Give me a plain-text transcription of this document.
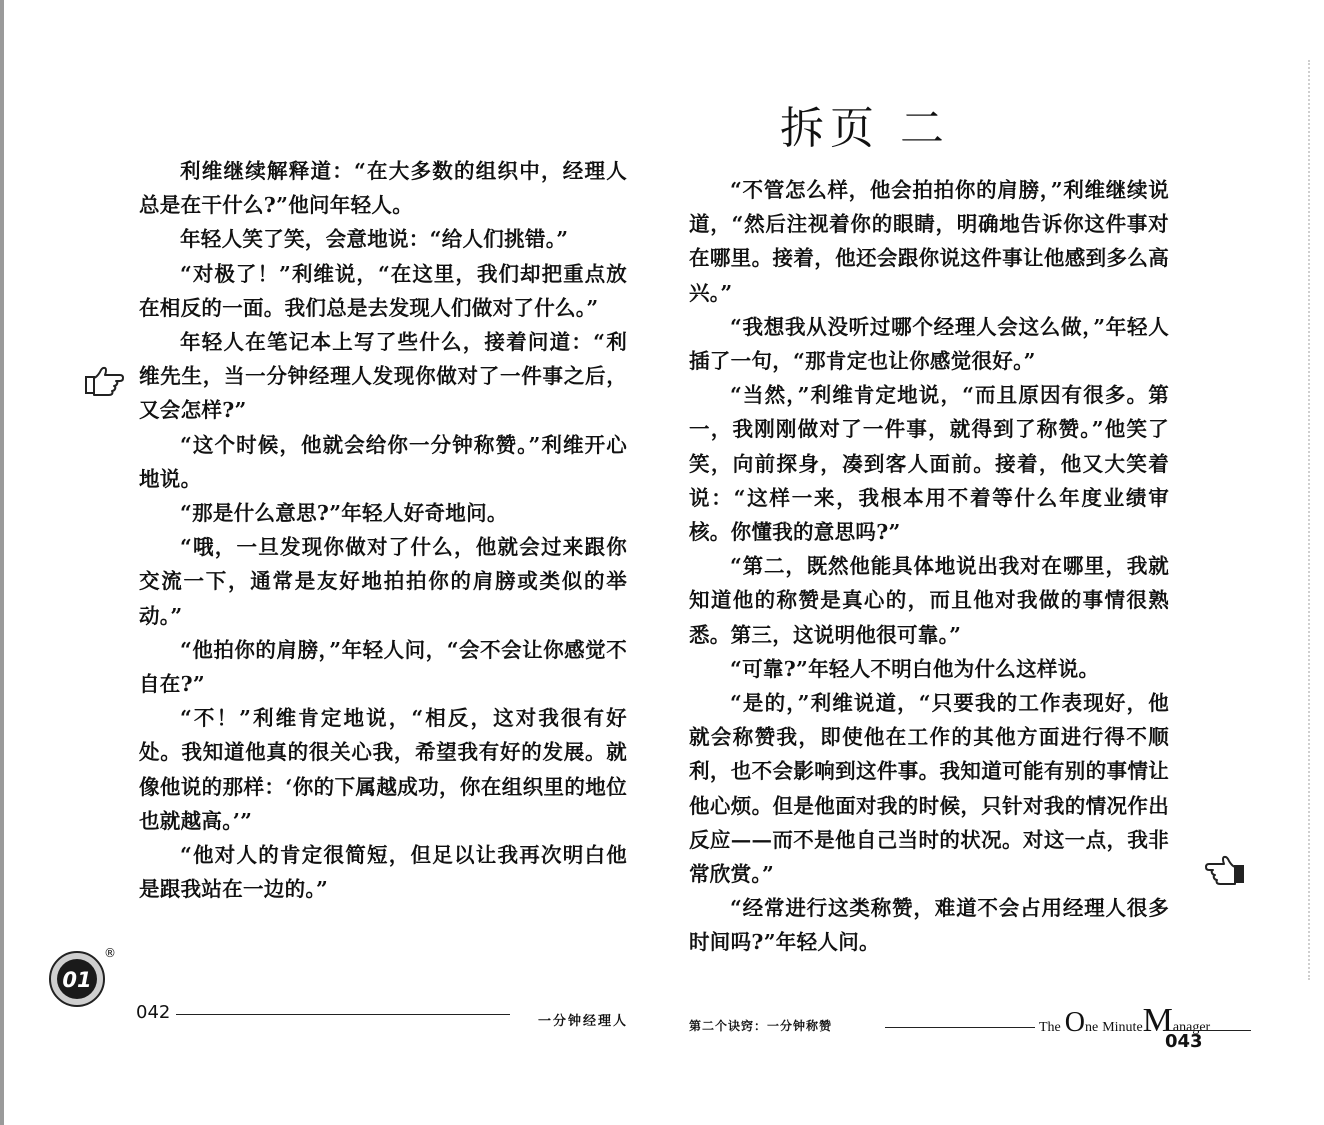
拆页 二

利维继续解释道：“在大多数的组织中，经理人总是在干什么?”他问年轻人。

年轻人笑了笑，会意地说：“给人们挑错。”

“对极了！”利维说，“在这里，我们却把重点放在相反的一面。我们总是去发现人们做对了什么。”

年轻人在笔记本上写了些什么，接着问道：“利维先生，当一分钟经理人发现你做对了一件事之后，又会怎样?”

“这个时候，他就会给你一分钟称赞。”利维开心地说。

“那是什么意思?”年轻人好奇地问。

“哦，一旦发现你做对了什么，他就会过来跟你交流一下，通常是友好地拍拍你的肩膀或类似的举动。”

“他拍你的肩膀，”年轻人问，“会不会让你感觉不自在?”

“不！”利维肯定地说，“相反，这对我很有好处。我知道他真的很关心我，希望我有好的发展。就像他说的那样：‘你的下属越成功，你在组织里的地位也就越高。’”

“他对人的肯定很简短，但足以让我再次明白他是跟我站在一边的。”

“不管怎么样，他会拍拍你的肩膀，”利维继续说道，“然后注视着你的眼睛，明确地告诉你这件事对在哪里。接着，他还会跟你说这件事让他感到多么高兴。”

“我想我从没听过哪个经理人会这么做，”年轻人插了一句，“那肯定也让你感觉很好。”

“当然，”利维肯定地说，“而且原因有很多。第一，我刚刚做对了一件事，就得到了称赞。”他笑了笑，向前探身，凑到客人面前。接着，他又大笑着说：“这样一来，我根本用不着等什么年度业绩审核。你懂我的意思吗?”

“第二，既然他能具体地说出我对在哪里，我就知道他的称赞是真心的，而且他对我做的事情很熟悉。第三，这说明他很可靠。”

“可靠?”年轻人不明白他为什么这样说。

“是的，”利维说道，“只要我的工作表现好，他就会称赞我，即使他在工作的其他方面进行得不顺利，也不会影响到这件事。我知道可能有别的事情让他心烦。但是他面对我的时候，只针对我的情况作出反应——而不是他自己当时的状况。对这一点，我非常欣赏。”

“经常进行这类称赞，难道不会占用经理人很多时间吗?”年轻人问。

01
®
042	一分钟经理人	第二个诀窍：一分钟称赞	The One MinuteManager
043
